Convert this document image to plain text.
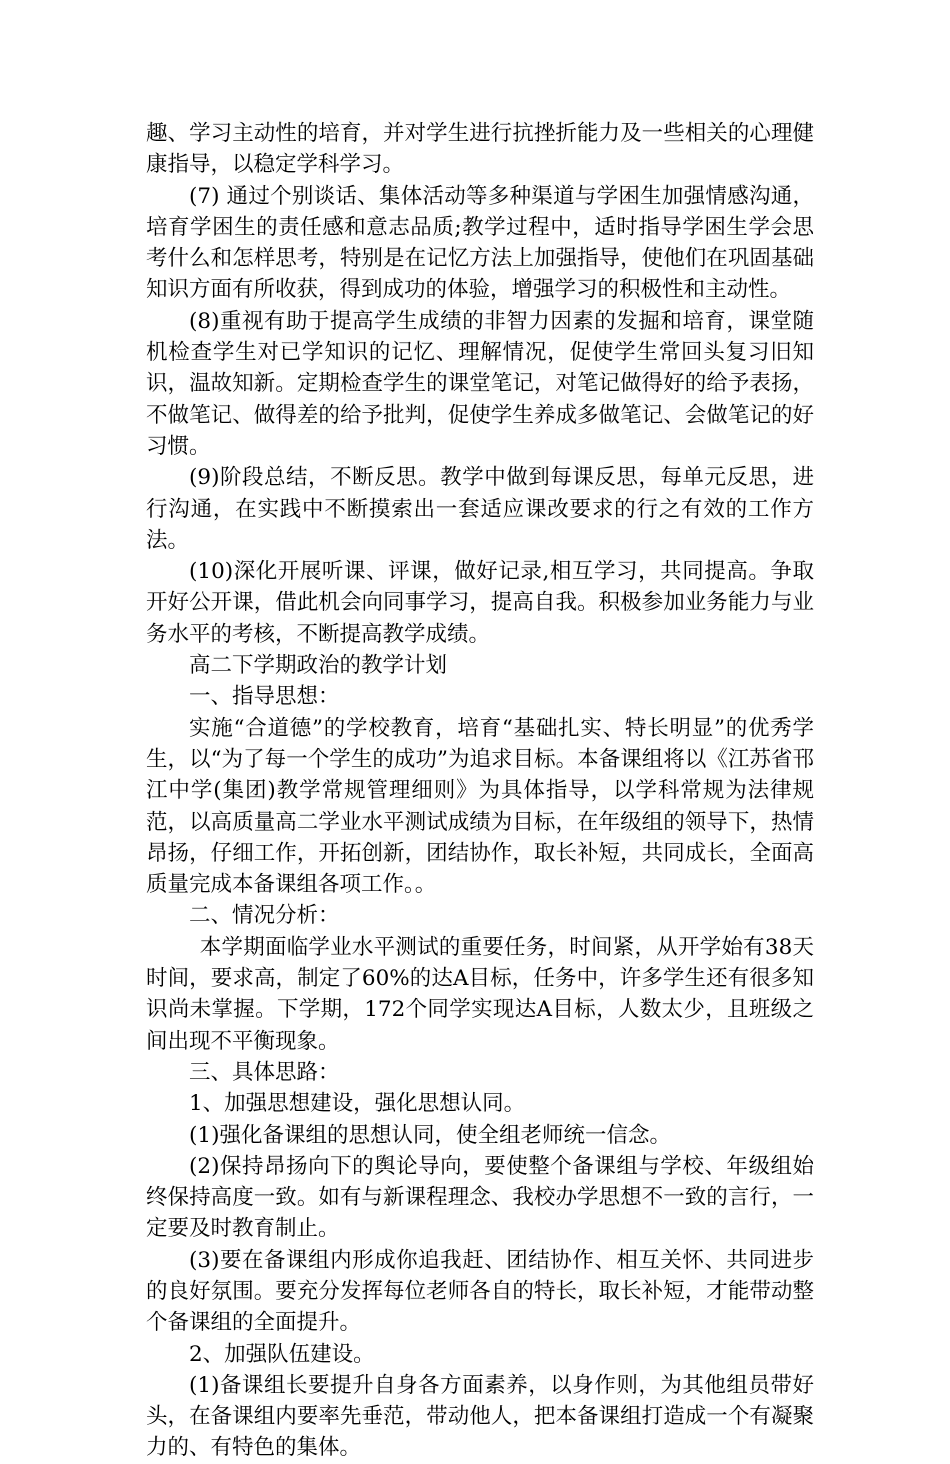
趣、学习主动性的培育，并对学生进行抗挫折能力及一些相关的心理健康指导，以稳定学科学习。

(7) 通过个别谈话、集体活动等多种渠道与学困生加强情感沟通，培育学困生的责任感和意志品质;教学过程中，适时指导学困生学会思考什么和怎样思考，特别是在记忆方法上加强指导，使他们在巩固基础知识方面有所收获，得到成功的体验，增强学习的积极性和主动性。

(8)重视有助于提高学生成绩的非智力因素的发掘和培育，课堂随机检查学生对已学知识的记忆、理解情况，促使学生常回头复习旧知识，温故知新。定期检查学生的课堂笔记，对笔记做得好的给予表扬，不做笔记、做得差的给予批判，促使学生养成多做笔记、会做笔记的好习惯。

(9)阶段总结，不断反思。教学中做到每课反思，每单元反思，进行沟通，在实践中不断摸索出一套适应课改要求的行之有效的工作方法。

(10)深化开展听课、评课，做好记录,相互学习，共同提高。争取开好公开课，借此机会向同事学习，提高自我。积极参加业务能力与业务水平的考核，不断提高教学成绩。

高二下学期政治的教学计划

一、指导思想：

实施“合道德”的学校教育，培育“基础扎实、特长明显”的优秀学生，以“为了每一个学生的成功”为追求目标。本备课组将以《江苏省邗江中学(集团)教学常规管理细则》为具体指导，以学科常规为法律规范，以高质量高二学业水平测试成绩为目标，在年级组的领导下，热情昂扬，仔细工作，开拓创新，团结协作，取长补短，共同成长，全面高质量完成本备课组各项工作。。

二、情况分析：

本学期面临学业水平测试的重要任务，时间紧，从开学始有38天时间，要求高，制定了60%的达A目标，任务中，许多学生还有很多知识尚未掌握。下学期，172个同学实现达A目标，人数太少，且班级之间出现不平衡现象。

三、具体思路：

1、加强思想建设，强化思想认同。

(1)强化备课组的思想认同，使全组老师统一信念。

(2)保持昂扬向下的舆论导向，要使整个备课组与学校、年级组始终保持高度一致。如有与新课程理念、我校办学思想不一致的言行，一定要及时教育制止。

(3)要在备课组内形成你追我赶、团结协作、相互关怀、共同进步的良好氛围。要充分发挥每位老师各自的特长，取长补短，才能带动整个备课组的全面提升。

2、加强队伍建设。

(1)备课组长要提升自身各方面素养，以身作则，为其他组员带好头，在备课组内要率先垂范，带动他人，把本备课组打造成一个有凝聚力的、有特色的集体。
